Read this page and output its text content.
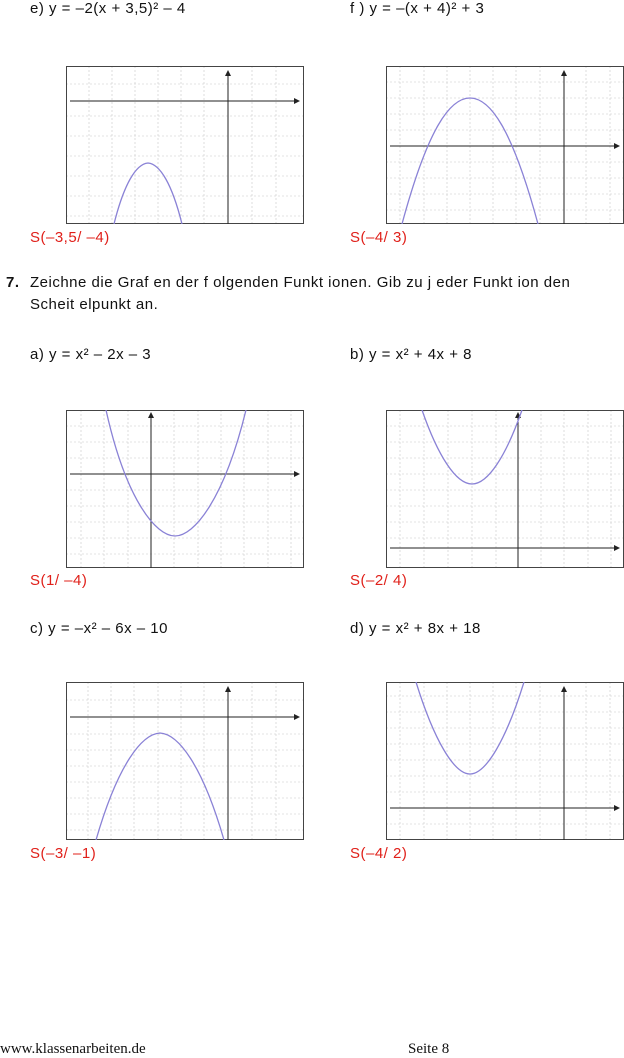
e) y = –2(x + 3,5)² – 4	f ) y = –(x + 4)² + 3
S(–3,5/ –4)	S(–4/ 3)
7. Zeichne die Graf en der f olgenden Funkt ionen. Gib zu j eder Funkt ion den
Scheit elpunkt an.
a) y = x² – 2x – 3	b) y = x² + 4x + 8
S(1/ –4)	S(–2/ 4)
c) y = –x² – 6x – 10	d) y = x² + 8x + 18
S(–3/ –1)	S(–4/ 2)
www.klassenarbeiten.de	Seite 8
